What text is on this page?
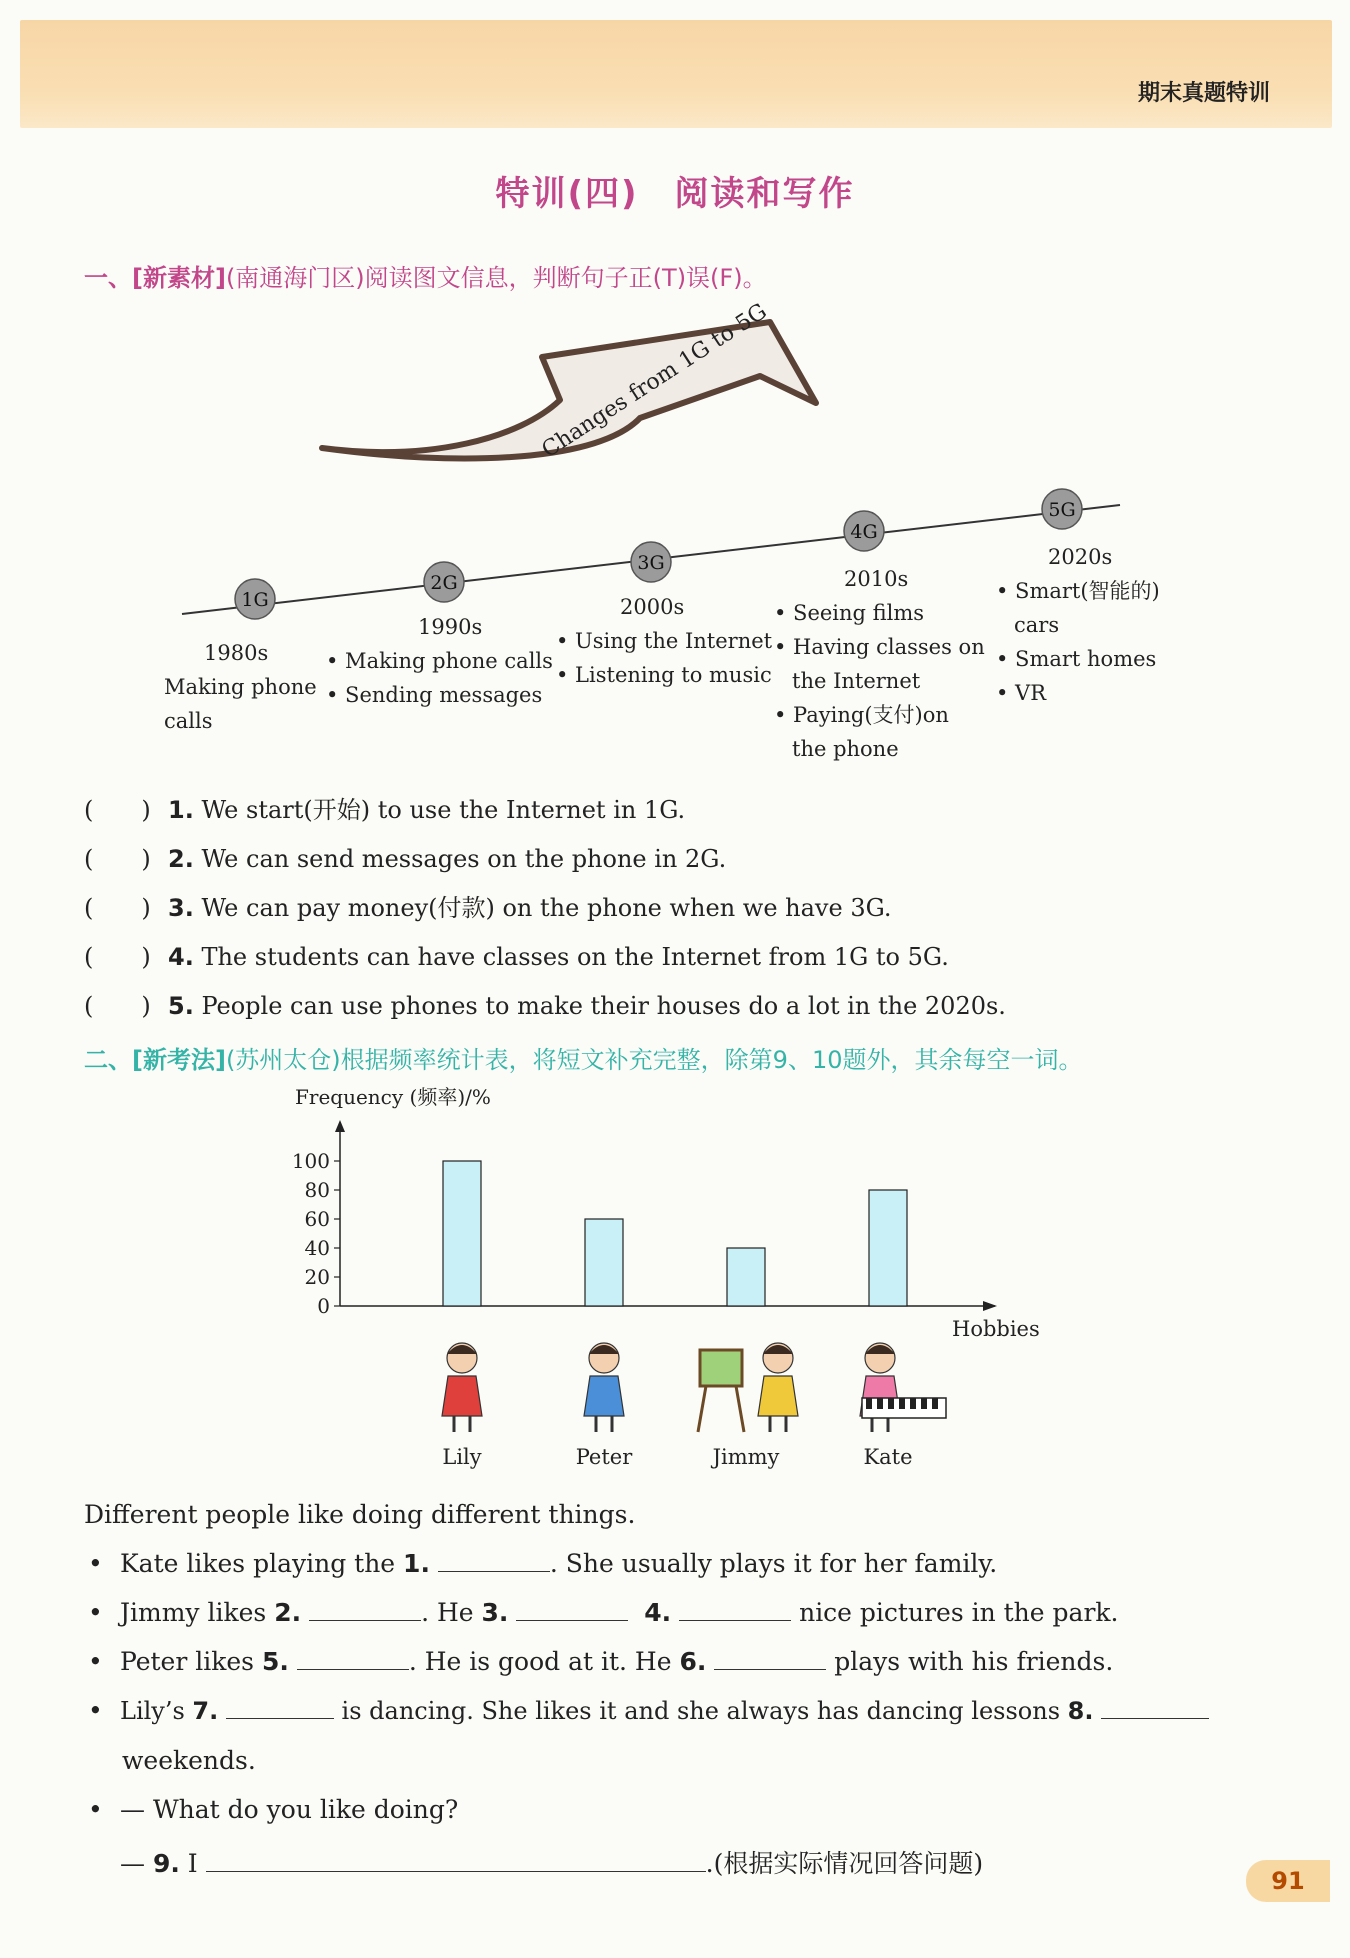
期末真题特训
特训(四)　阅读和写作
一、[新素材](南通海门区)阅读图文信息，判断句子正(T)误(F)。
Changes from 1G to 5G
1G
2G
3G
4G
5G
1980s
Making phone
calls
1990s
• Making phone calls
• Sending messages
2000s
• Using the Internet
• Listening to music
2010s
• Seeing films
• Having classes on
the Internet
• Paying(支付)on
the phone
2020s
• Smart(智能的)
cars
• Smart homes
• VR
(　　) 1. We start(开始) to use the Internet in 1G.
(　　) 2. We can send messages on the phone in 2G.
(　　) 3. We can pay money(付款) on the phone when we have 3G.
(　　) 4. The students can have classes on the Internet from 1G to 5G.
(　　) 5. People can use phones to make their houses do a lot in the 2020s.
二、[新考法](苏州太仓)根据频率统计表，将短文补充完整，除第9、10题外，其余每空一词。
Frequency (频率)/%
Hobbies
0
20
40
60
80
100
Lily	Peter	Jimmy	Kate
Different people like doing different things.
• Kate likes playing the 1.	. She usually plays it for her family.
• Jimmy likes 2.	. He 3.	4.	nice pictures in the park.
• Peter likes 5.	. He is good at it. He 6.	plays with his friends.
• Lily’s 7.	is dancing. She likes it and she always has dancing lessons 8.
weekends.
• — What do you like doing?
— 9. I	.(根据实际情况回答问题)
91
